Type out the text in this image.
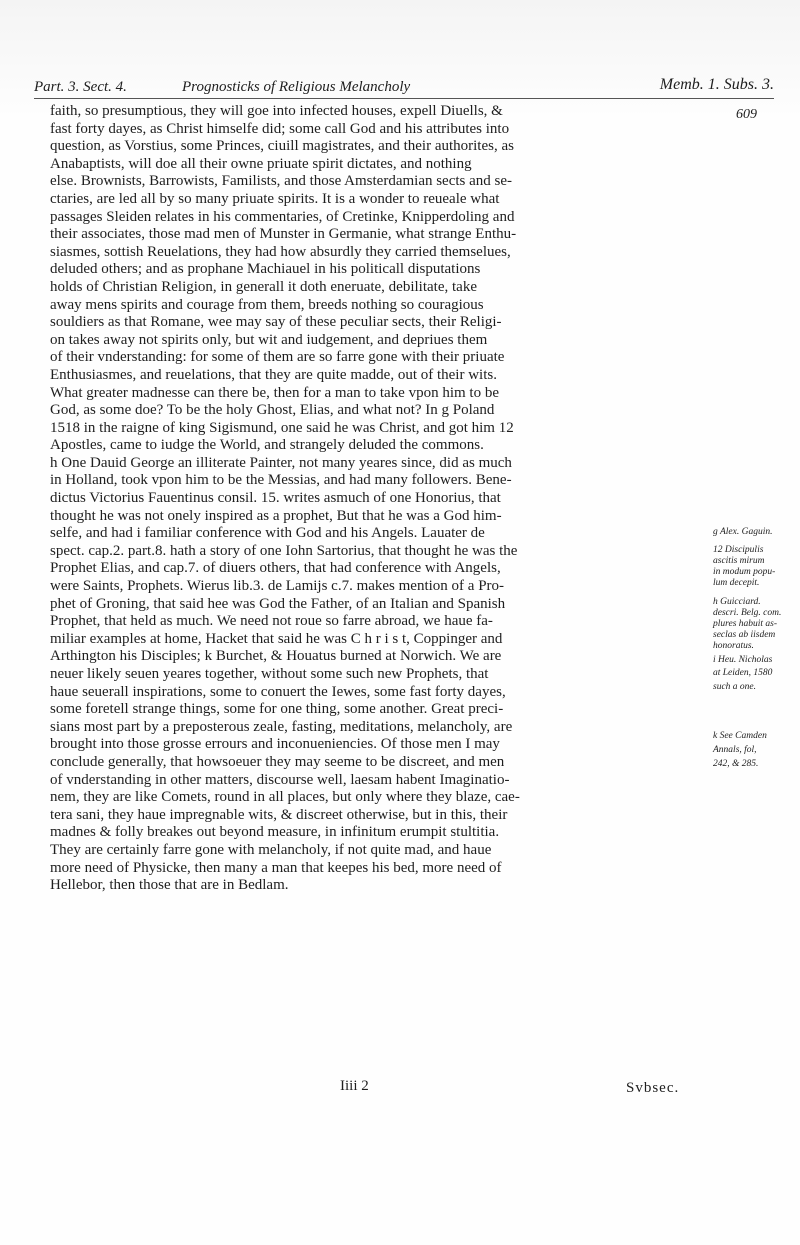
Part. 3. Sect. 4.	Prognosticks of Religious Melancholy	Memb. 1. Subs. 3.
609
faith, so presumptious, they will goe into infected houses, expell Diuells, &
fast forty dayes, as Christ himselfe did; some call God and his attributes into
question, as Vorstius, some Princes, ciuill magistrates, and their authorites, as
Anabaptists, will doe all their owne priuate spirit dictates, and nothing
else. Brownists, Barrowists, Familists, and those Amsterdamian sects and se-
ctaries, are led all by so many priuate spirits. It is a wonder to reueale what
passages Sleiden relates in his commentaries, of Cretinke, Knipperdoling and
their associates, those mad men of Munster in Germanie, what strange Enthu-
siasmes, sottish Reuelations, they had how absurdly they carried themselues,
deluded others; and as prophane Machiauel in his politicall disputations
holds of Christian Religion, in generall it doth eneruate, debilitate, take
away mens spirits and courage from them, breeds nothing so couragious
souldiers as that Romane, wee may say of these peculiar sects, their Religi-
on takes away not spirits only, but wit and iudgement, and depriues them
of their vnderstanding: for some of them are so farre gone with their priuate
Enthusiasmes, and reuelations, that they are quite madde, out of their wits.
What greater madnesse can there be, then for a man to take vpon him to be
God, as some doe? To be the holy Ghost, Elias, and what not? In g Poland
1518 in the raigne of king Sigismund, one said he was Christ, and got him 12
Apostles, came to iudge the World, and strangely deluded the commons.
h One Dauid George an illiterate Painter, not many yeares since, did as much
in Holland, took vpon him to be the Messias, and had many followers. Bene-
dictus Victorius Fauentinus consil. 15. writes asmuch of one Honorius, that
thought he was not onely inspired as a prophet, But that he was a God him-
selfe, and had i familiar conference with God and his Angels. Lauater de
spect. cap.2. part.8. hath a story of one Iohn Sartorius, that thought he was the
Prophet Elias, and cap.7. of diuers others, that had conference with Angels,
were Saints, Prophets. Wierus lib.3. de Lamijs c.7. makes mention of a Pro-
phet of Groning, that said hee was God the Father, of an Italian and Spanish
Prophet, that held as much. We need not roue so farre abroad, we haue fa-
miliar examples at home, Hacket that said he was C h r i s t, Coppinger and
Arthington his Disciples; k Burchet, & Houatus burned at Norwich. We are
neuer likely seuen yeares together, without some such new Prophets, that
haue seuerall inspirations, some to conuert the Iewes, some fast forty dayes,
some foretell strange things, some for one thing, some another. Great preci-
sians most part by a preposterous zeale, fasting, meditations, melancholy, are
brought into those grosse errours and inconueniencies. Of those men I may
conclude generally, that howsoeuer they may seeme to be discreet, and men
of vnderstanding in other matters, discourse well, laesam habent Imaginatio-
nem, they are like Comets, round in all places, but only where they blaze, cae-
tera sani, they haue impregnable wits, & discreet otherwise, but in this, their
madnes & folly breakes out beyond measure, in infinitum erumpit stultitia.
They are certainly farre gone with melancholy, if not quite mad, and haue
more need of Physicke, then many a man that keepes his bed, more need of
Hellebor, then those that are in Bedlam.
g Alex. Gaguin.
12 Discipulis
ascitis mirum
in modum popu-
lum decepit.
h Guicciard.
descri. Belg. com.
plures habuit as-
seclas ab iisdem
honoratus.
i Heu. Nicholas
at Leiden, 1580
such a one.
k See Camden
Annals, fol,
242, & 285.
Iiii 2	Svbsec.
